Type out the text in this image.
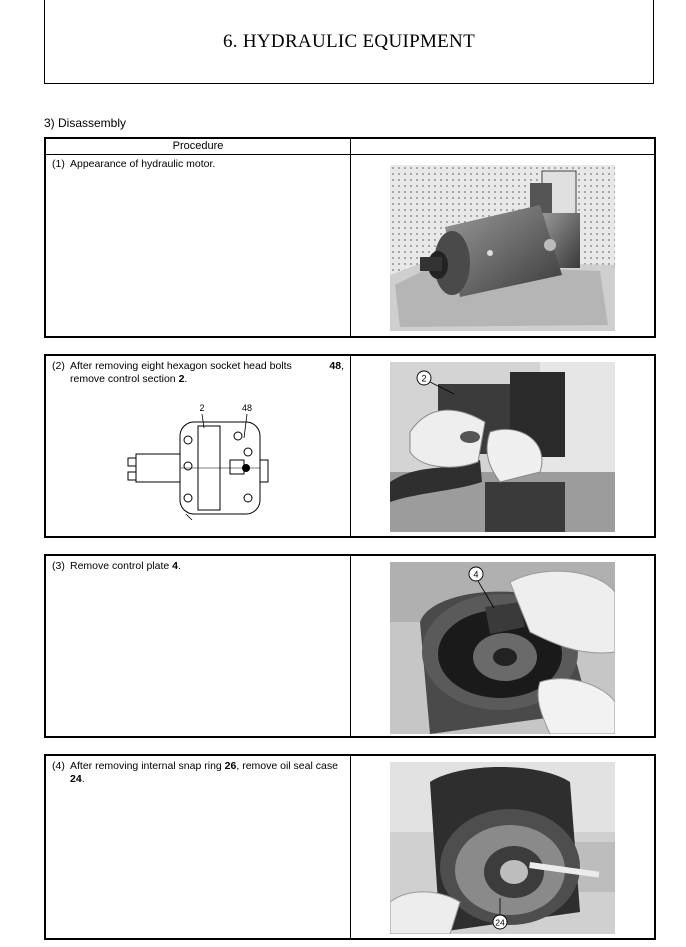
6. HYDRAULIC EQUIPMENT
3) Disassembly
Procedure
(1) Appearance of hydraulic motor.
(2) After removing eight hexagon socket head bolts	48,
remove control section 2.
2	48
2
(3) Remove control plate 4.
4
(4) After removing internal snap ring 26, remove oil seal case
24.
24
